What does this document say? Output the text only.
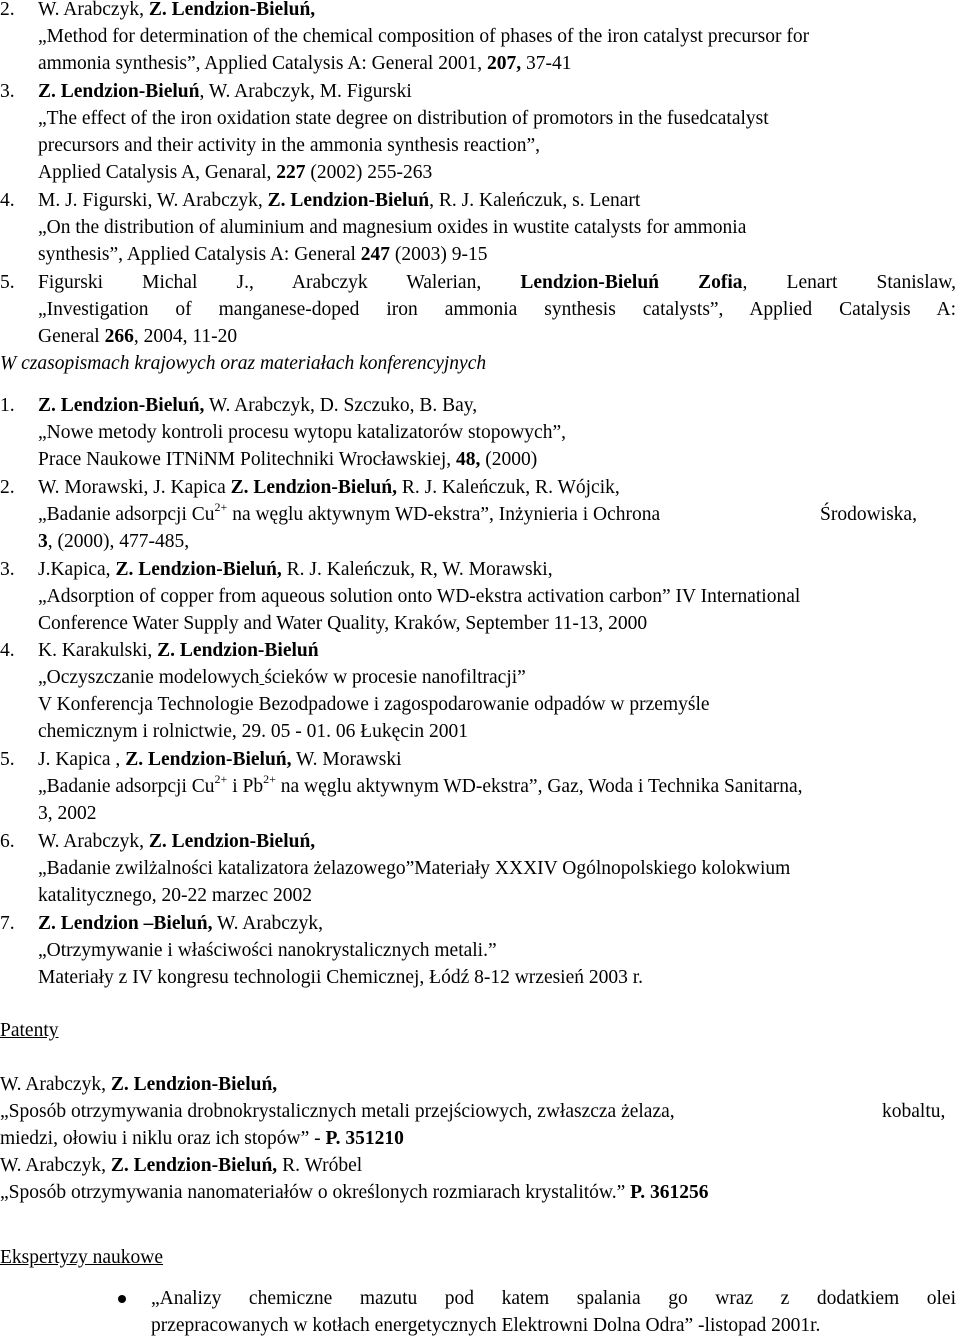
2. W. Arabczyk, Z. Lendzion-Bieluń,
„Method for determination of the chemical composition of phases of the iron catalyst precursor for
ammonia synthesis”, Applied Catalysis A: General 2001, 207, 37-41
3. Z. Lendzion-Bieluń, W. Arabczyk, M. Figurski
„The effect of the iron oxidation state degree on distribution of promotors in the fusedcatalyst
precursors and their activity in the ammonia synthesis reaction”,
Applied Catalysis A, Genaral, 227 (2002) 255-263
4. M. J. Figurski, W. Arabczyk, Z. Lendzion-Bieluń, R. J. Kaleńczuk, s. Lenart
„On the distribution of aluminium and magnesium oxides in wustite catalysts for ammonia
synthesis”, Applied Catalysis A: General 247 (2003) 9-15
5. Figurski Michal J., Arabczyk Walerian, Lendzion-Bieluń Zofia, Lenart Stanislaw,
„Investigation of manganese-doped iron ammonia synthesis catalysts”, Applied Catalysis A:
General 266, 2004, 11-20
W czasopismach krajowych oraz materiałach konferencyjnych
1. Z. Lendzion-Bieluń, W. Arabczyk, D. Szczuko, B. Bay,
„Nowe metody kontroli procesu wytopu katalizatorów stopowych”,
Prace Naukowe ITNiNM Politechniki Wrocławskiej, 48, (2000)
2. W. Morawski, J. Kapica Z. Lendzion-Bieluń, R. J. Kaleńczuk, R. Wójcik,
„Badanie adsorpcji $Cu^{2+}$ na węglu aktywnym WD-ekstra”, Inżynieria i Ochrona	Środowiska,
3, (2000), 477-485,
3. J.Kapica, Z. Lendzion-Bieluń, R. J. Kaleńczuk, R, W. Morawski,
„Adsorption of copper from aqueous solution onto WD-ekstra activation carbon” IV International
Conference Water Supply and Water Quality, Kraków, September 11-13, 2000
4. K. Karakulski, Z. Lendzion-Bieluń
„Oczyszczanie modelowych ścieków w procesie nanofiltracji”
V Konferencja Technologie Bezodpadowe i zagospodarowanie odpadów w przemyśle
chemicznym i rolnictwie, 29. 05 - 01. 06 Łukęcin 2001
5. J. Kapica , Z. Lendzion-Bieluń, W. Morawski
„Badanie adsorpcji $Cu^{2+}$ i $Pb^{2+}$ na węglu aktywnym WD-ekstra”, Gaz, Woda i Technika Sanitarna,
3, 2002
6. W. Arabczyk, Z. Lendzion-Bieluń,
„Badanie zwilżalności katalizatora żelazowego”Materiały XXXIV Ogólnopolskiego kolokwium
katalitycznego, 20-22 marzec 2002
7. Z. Lendzion –Bieluń, W. Arabczyk,
„Otrzymywanie i właściwości nanokrystalicznych metali.”
Materiały z IV kongresu technologii Chemicznej, Łódź 8-12 wrzesień 2003 r.
Patenty
W. Arabczyk, Z. Lendzion-Bieluń,
„Sposób otrzymywania drobnokrystalicznych metali przejściowych, zwłaszcza żelaza,	kobaltu,
miedzi, ołowiu i niklu oraz ich stopów” - P. 351210
W. Arabczyk, Z. Lendzion-Bieluń, R. Wróbel
„Sposób otrzymywania nanomateriałów o określonych rozmiarach krystalitów.” P. 361256
Ekspertyzy naukowe
„Analizy chemiczne mazutu pod katem spalania go wraz z dodatkiem olei
przepracowanych w kotłach energetycznych Elektrowni Dolna Odra” -listopad 2001r.
